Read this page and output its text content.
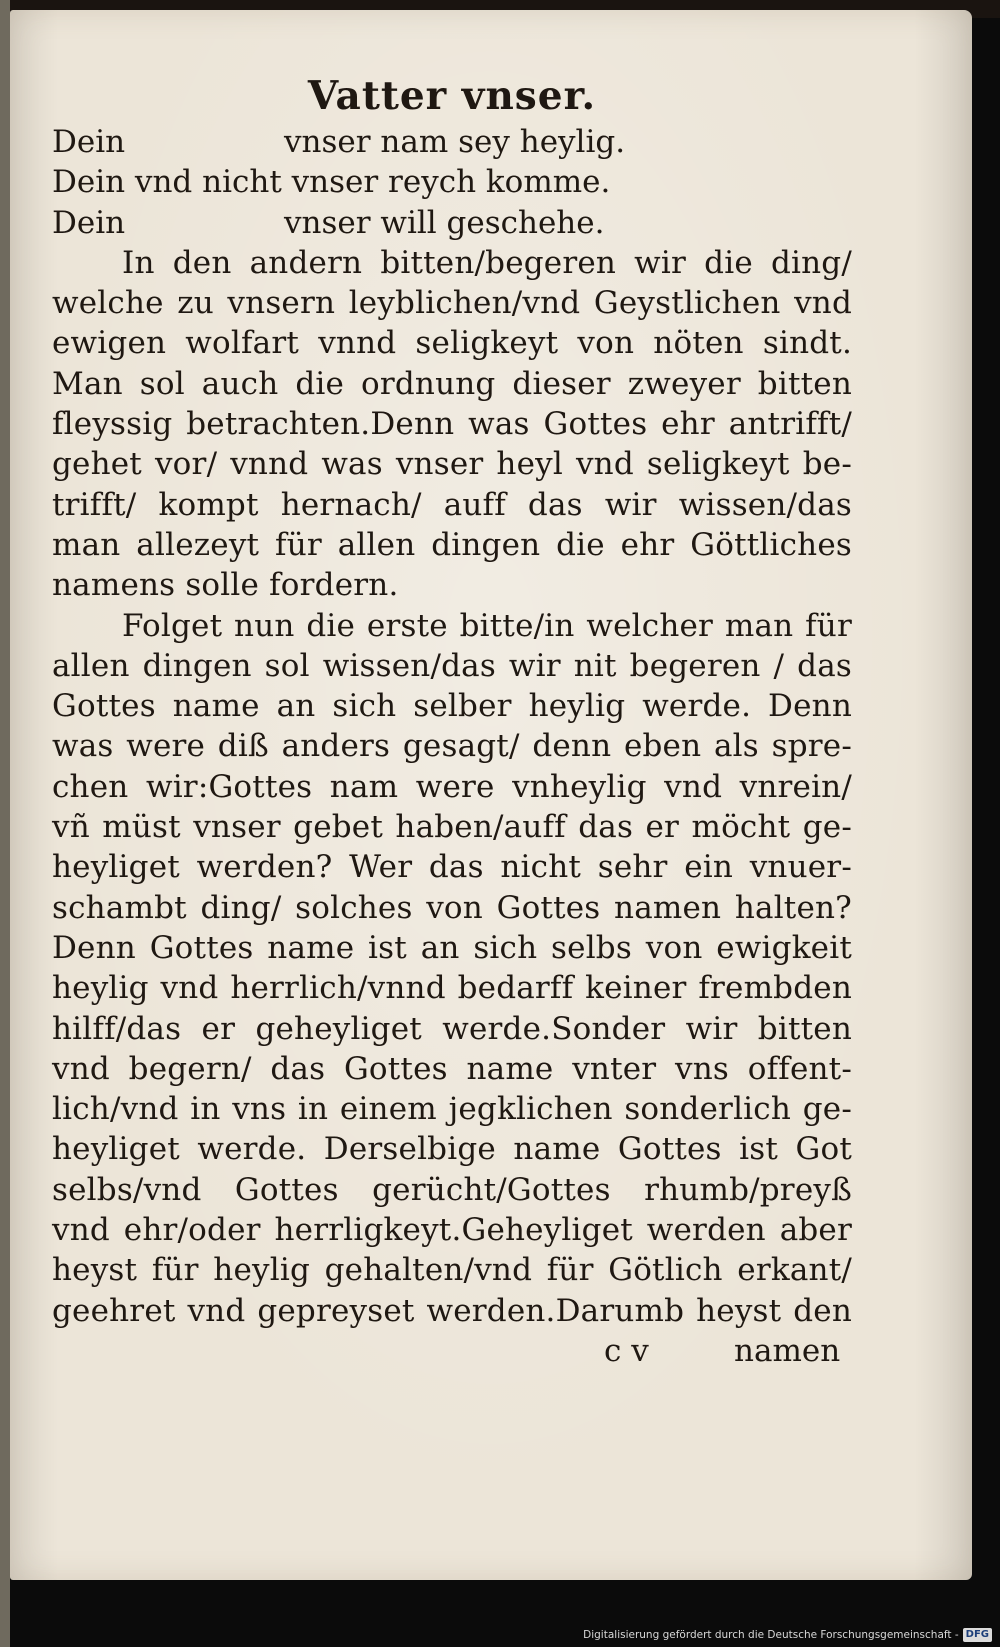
Vatter vnser.
Dein	vnser nam sey heylig.
Dein vnd nicht vnser reych komme.
Dein	vnser will geschehe.
In den andern bitten/begeren wir die ding/
welche zu vnsern leyblichen/vnd Geystlichen vnd
ewigen wolfart vnnd seligkeyt von nöten sindt.
Man sol auch die ordnung dieser zweyer bitten
fleyssig betrachten.Denn was Gottes ehr antrifft/
gehet vor/ vnnd was vnser heyl vnd seligkeyt be-
trifft/ kompt hernach/ auff das wir wissen/das
man allezeyt für allen dingen die ehr Göttliches
namens solle fordern.
Folget nun die erste bitte/in welcher man für
allen dingen sol wissen/das wir nit begeren / das
Gottes name an sich selber heylig werde. Denn
was were diß anders gesagt/ denn eben als spre-
chen wir:Gottes nam were vnheylig vnd vnrein/
vñ müst vnser gebet haben/auff das er möcht ge-
heyliget werden? Wer das nicht sehr ein vnuer-
schambt ding/ solches von Gottes namen halten?
Denn Gottes name ist an sich selbs von ewigkeit
heylig vnd herrlich/vnnd bedarff keiner frembden
hilff/das er geheyliget werde.Sonder wir bitten
vnd begern/ das Gottes name vnter vns offent-
lich/vnd in vns in einem jegklichen sonderlich ge-
heyliget werde. Derselbige name Gottes ist Got
selbs/vnd Gottes gerücht/Gottes rhumb/preyß
vnd ehr/oder herrligkeyt.Geheyliget werden aber
heyst für heylig gehalten/vnd für Götlich erkant/
geehret vnd gepreyset werden.Darumb heyst den
c v	namen
Digitalisierung gefördert durch die Deutsche Forschungsgemeinschaft - DFG
